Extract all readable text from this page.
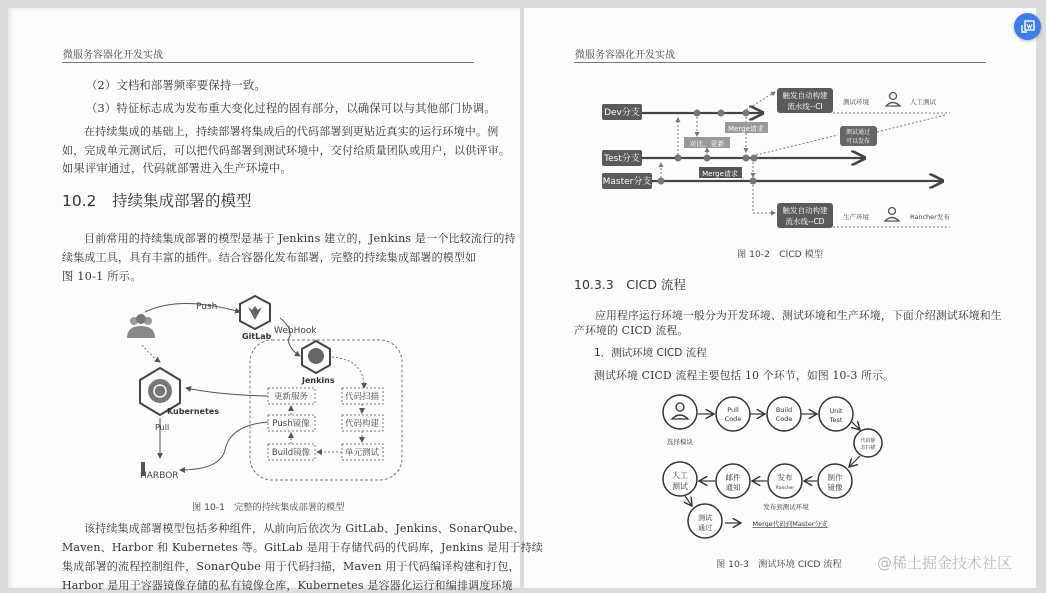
微服务容器化开发实战
（2）文档和部署频率要保持一致。
（3）特征标志成为发布重大变化过程的固有部分，以确保可以与其他部门协调。
在持续集成的基础上，持续部署将集成后的代码部署到更贴近真实的运行环境中。例
如，完成单元测试后，可以把代码部署到测试环境中，交付给质量团队或用户，以供评审。
如果评审通过，代码就部署进入生产环境中。
10.2　持续集成部署的模型
目前常用的持续集成部署的模型是基于 Jenkins 建立的，Jenkins 是一个比较流行的持
续集成工具，具有丰富的插件。结合容器化发布部署，完整的持续集成部署的模型如
图 10-1 所示。
Push
GitLab
WebHook
Jenkins
Kubernetes
Pull
HARBOR
更新服务	代码扫描
Push镜像	代码构建
Build镜像	单元测试
图 10-1　完整的持续集成部署的模型
该持续集成部署模型包括多种组件，从前向后依次为 GitLab、Jenkins、SonarQube、
Maven、Harbor 和 Kubernetes 等。GitLab 是用于存储代码的代码库，Jenkins 是用于持续
集成部署的流程控制组件，SonarQube 用于代码扫描，Maven 用于代码编译构建和打包，
Harbor 是用于容器镜像存储的私有镜像仓库，Kubernetes 是容器化运行和编排调度环境
微服务容器化开发实战
Dev分支
Test分支
Master分支
对比、更新
Merge请求
Merge请求
触发自动构建
流水线--CI
触发自动构建
流水线--CD
测试通过
可以发布
测试环境	人工测试
生产环境	Rancher发布
图 10-2　CICD 模型
10.3.3　CICD 流程
应用程序运行环境一般分为开发环境、测试环境和生产环境，下面介绍测试环境和生
产环境的 CICD 流程。
1．测试环境 CICD 流程
测试环境 CICD 流程主要包括 10 个环节，如图 10-3 所示。
选择模块
Pull
Code
Build
Code
Unit
Test
代码静
态扫描
制作
镜像
发布
Rancher
发布到测试环境
邮件
通知
人工
测试
测试
通过	Merge代码到Master分支
图 10-3　测试环境 CICD 流程 @稀土掘金技术社区
